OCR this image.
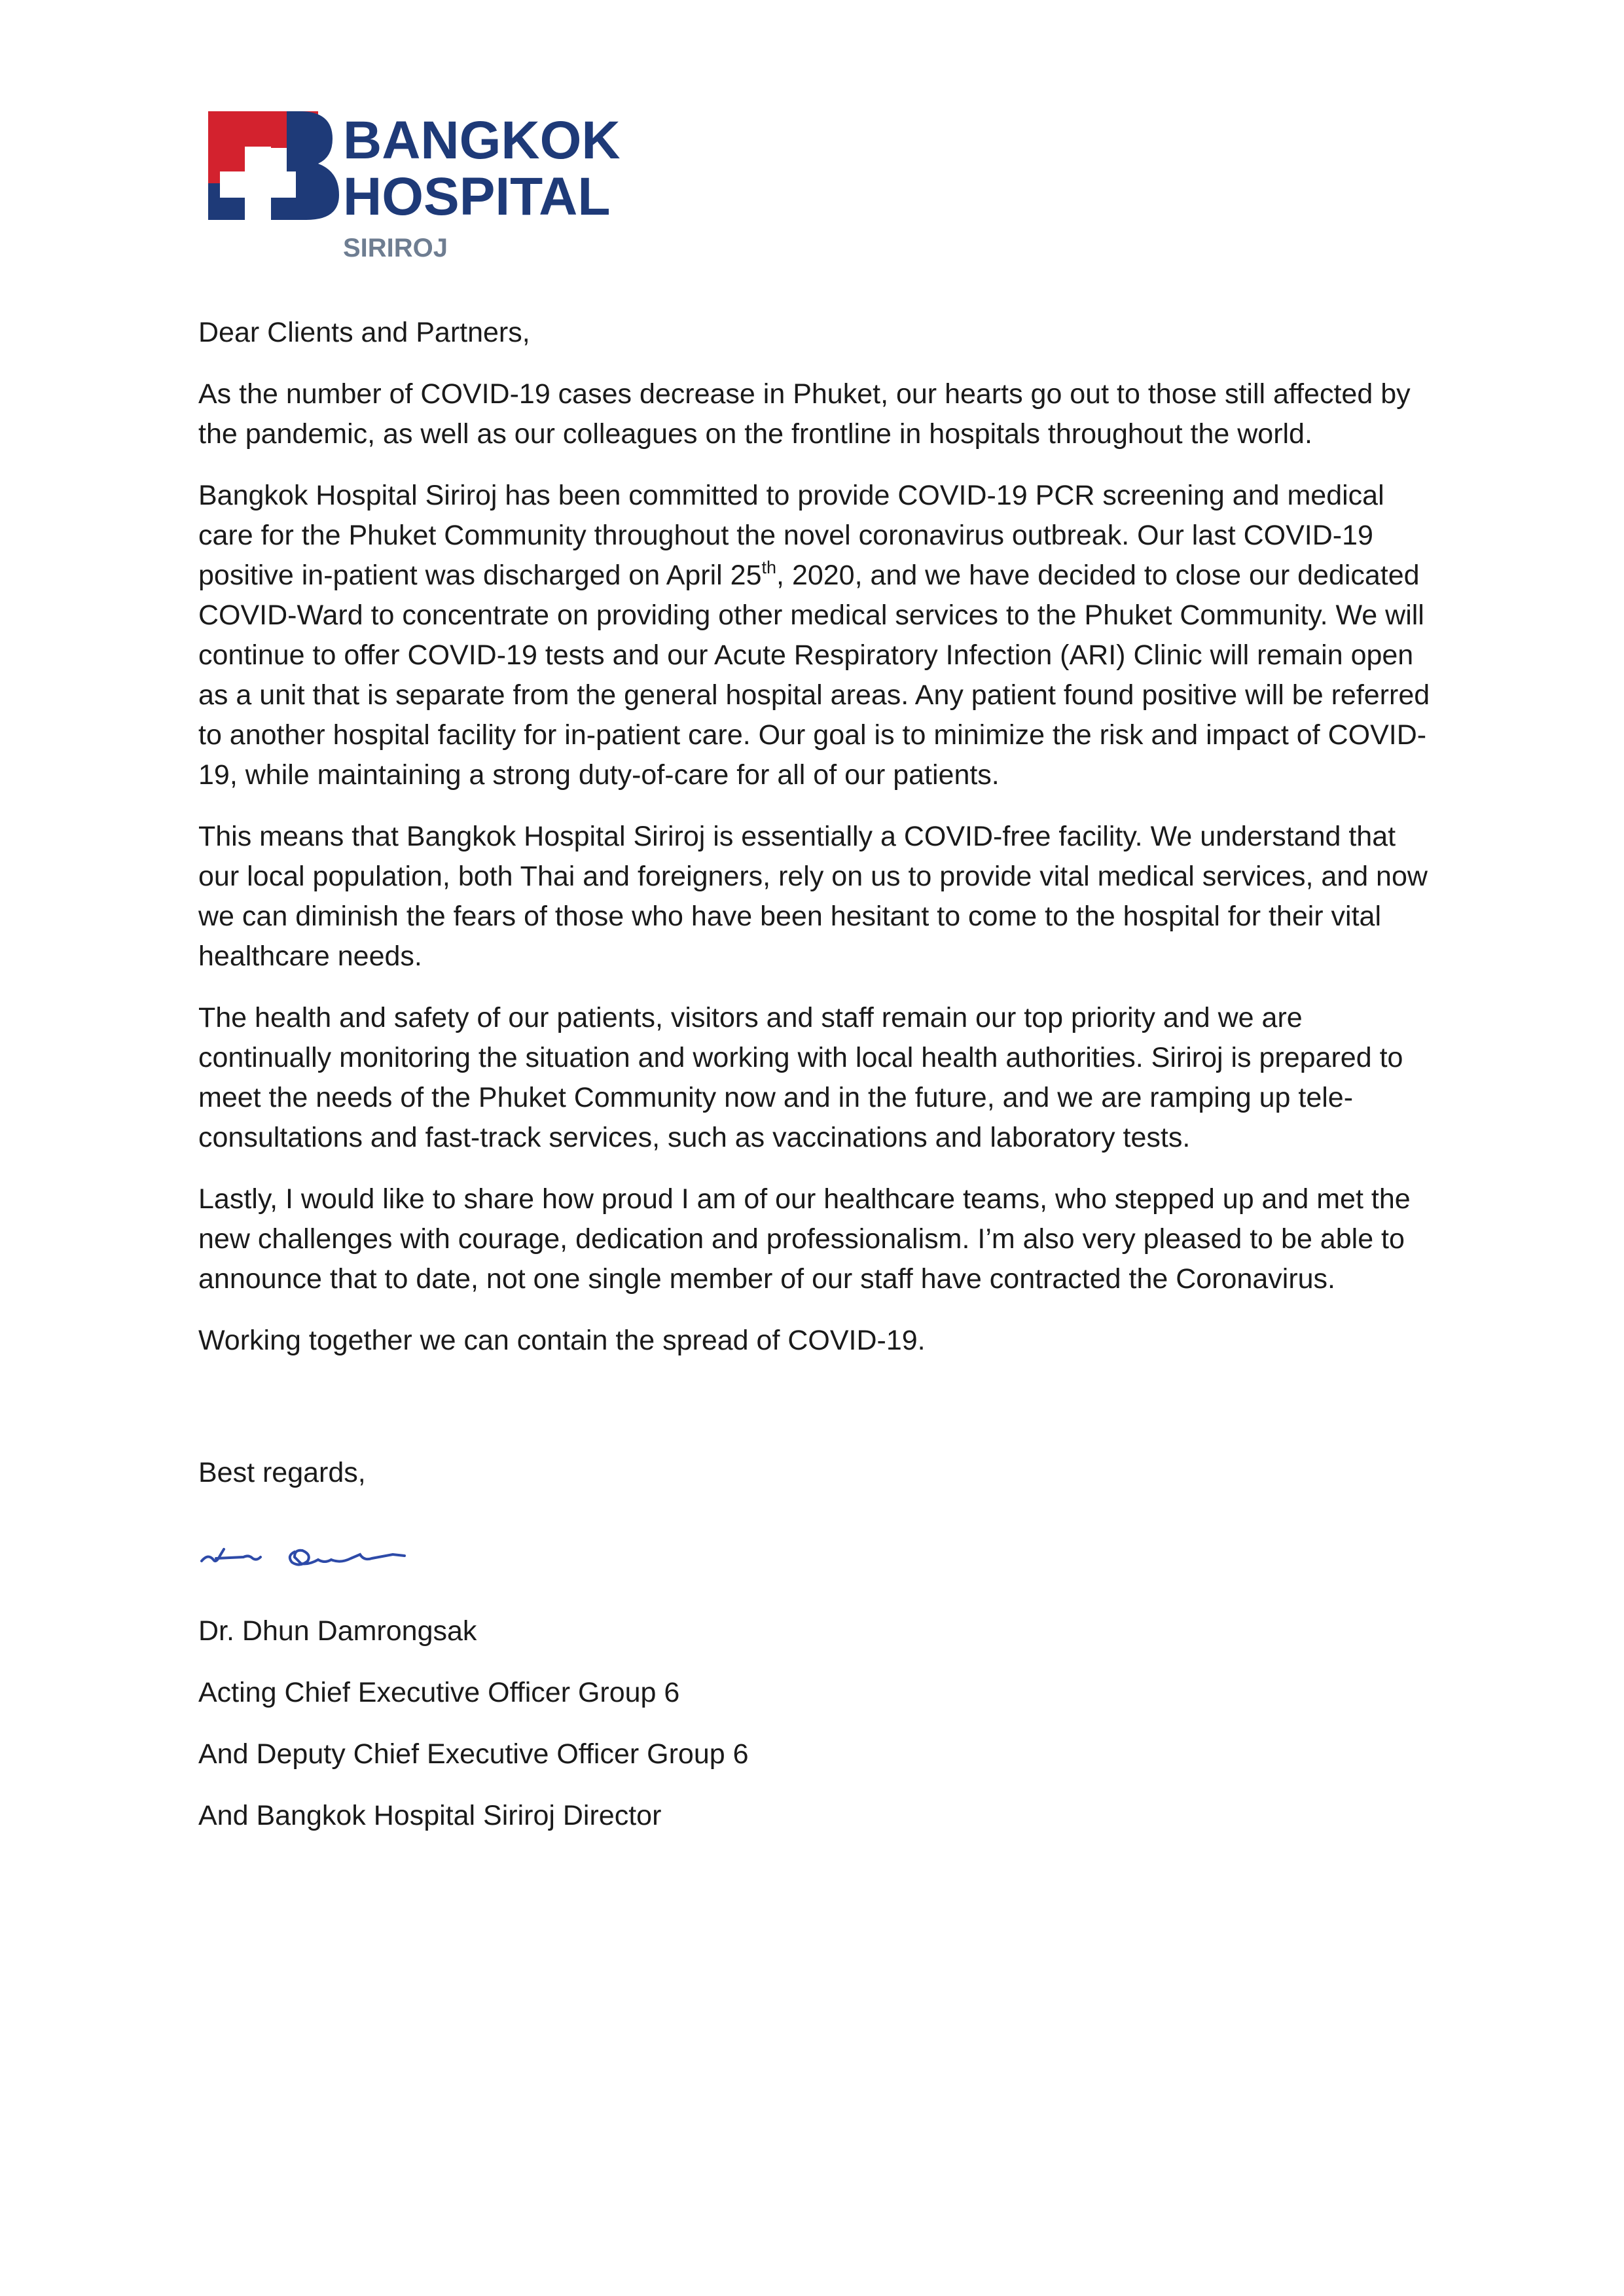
BANGKOK
HOSPITAL
SIRIROJ

Dear Clients and Partners,

As the number of COVID-19 cases decrease in Phuket, our hearts go out to those still affected by the pandemic, as well as our colleagues on the frontline in hospitals throughout the world.

Bangkok Hospital Siriroj has been committed to provide COVID-19 PCR screening and medical care for the Phuket Community throughout the novel coronavirus outbreak. Our last COVID-19 positive in-patient was discharged on April 25th, 2020, and we have decided to close our dedicated COVID-Ward to concentrate on providing other medical services to the Phuket Community. We will continue to offer COVID-19 tests and our Acute Respiratory Infection (ARI) Clinic will remain open as a unit that is separate from the general hospital areas. Any patient found positive will be referred to another hospital facility for in-patient care. Our goal is to minimize the risk and impact of COVID-19, while maintaining a strong duty-of-care for all of our patients.

This means that Bangkok Hospital Siriroj is essentially a COVID-free facility. We understand that our local population, both Thai and foreigners, rely on us to provide vital medical services, and now we can diminish the fears of those who have been hesitant to come to the hospital for their vital healthcare needs.

The health and safety of our patients, visitors and staff remain our top priority and we are continually monitoring the situation and working with local health authorities. Siriroj is prepared to meet the needs of the Phuket Community now and in the future, and we are ramping up tele-consultations and fast-track services, such as vaccinations and laboratory tests.

Lastly, I would like to share how proud I am of our healthcare teams, who stepped up and met the new challenges with courage, dedication and professionalism. I’m also very pleased to be able to announce that to date, not one single member of our staff have contracted the Coronavirus.

Working together we can contain the spread of COVID-19.

Best regards,
Dr. Dhun Damrongsak
Acting Chief Executive Officer Group 6
And Deputy Chief Executive Officer Group 6
And Bangkok Hospital Siriroj Director
